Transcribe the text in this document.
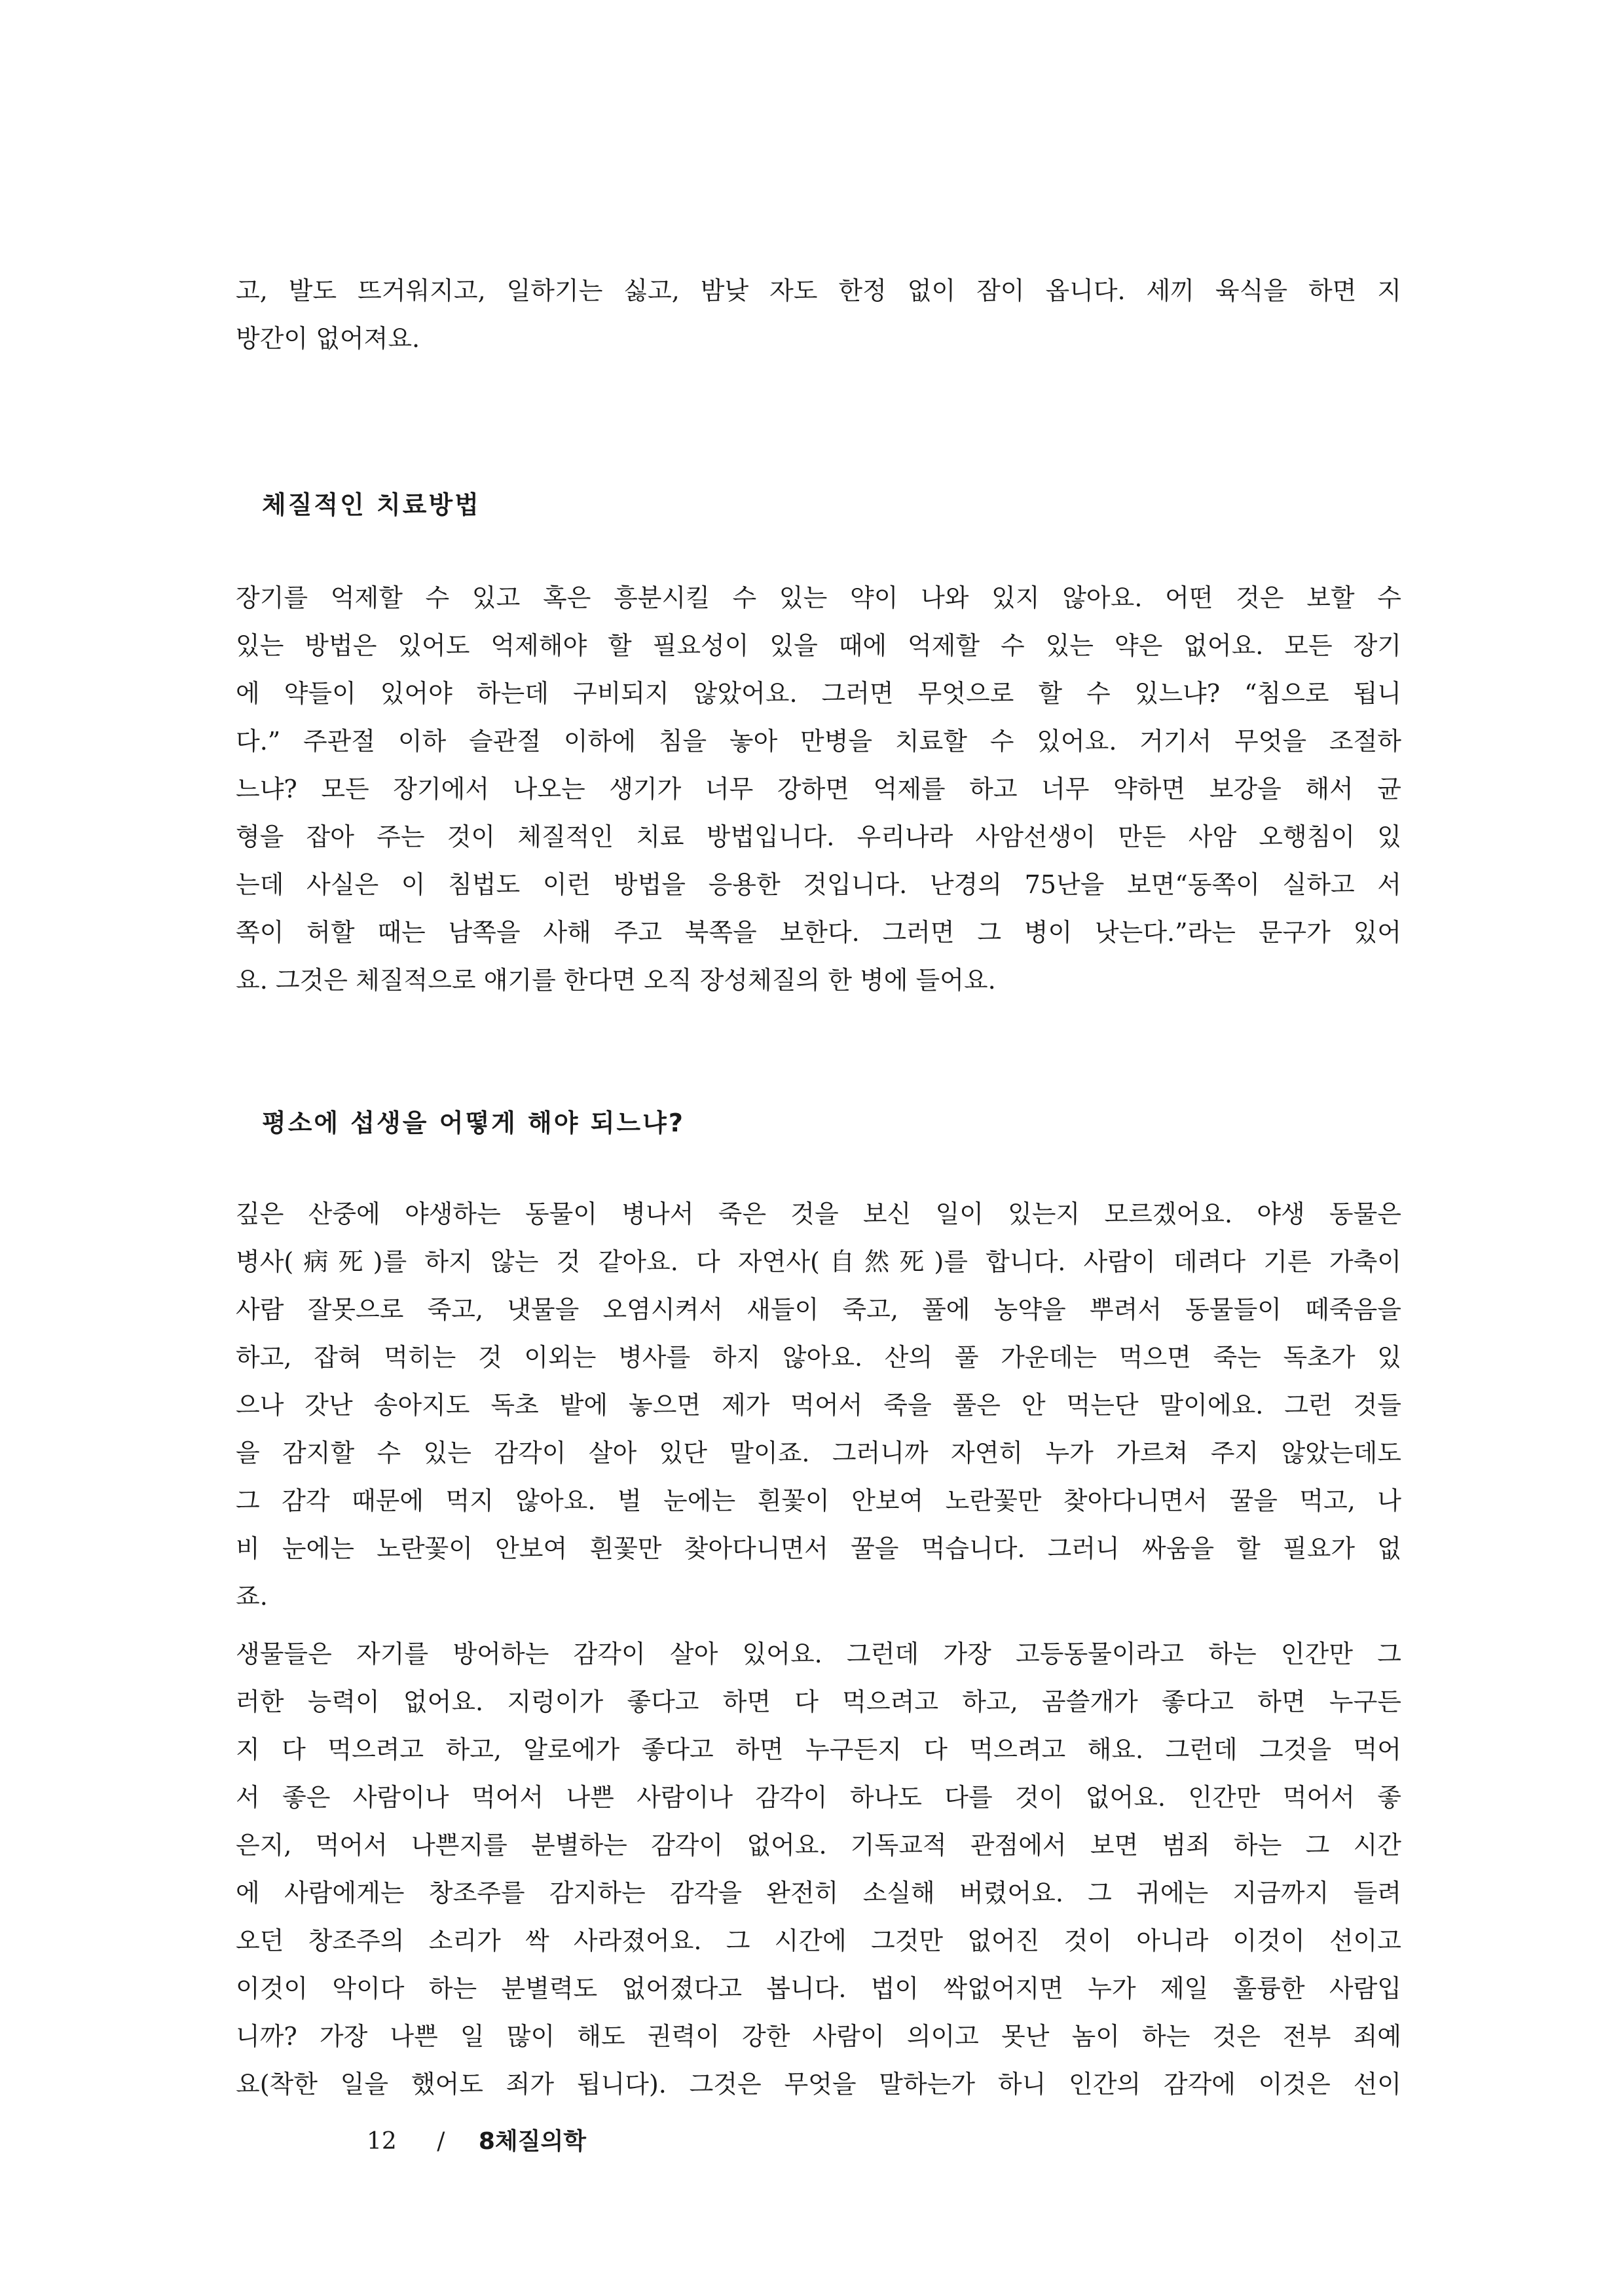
고, 발도 뜨거워지고, 일하기는 싫고, 밤낮 자도 한정 없이 잠이 옵니다. 세끼 육식을 하면 지
방간이 없어져요.

체질적인 치료방법

장기를 억제할 수 있고 혹은 흥분시킬 수 있는 약이 나와 있지 않아요. 어떤 것은 보할 수
있는 방법은 있어도 억제해야 할 필요성이 있을 때에 억제할 수 있는 약은 없어요. 모든 장기
에 약들이 있어야 하는데 구비되지 않았어요. 그러면 무엇으로 할 수 있느냐? “침으로 됩니
다.” 주관절 이하 슬관절 이하에 침을 놓아 만병을 치료할 수 있어요. 거기서 무엇을 조절하
느냐? 모든 장기에서 나오는 생기가 너무 강하면 억제를 하고 너무 약하면 보강을 해서 균
형을 잡아 주는 것이 체질적인 치료 방법입니다. 우리나라 사암선생이 만든 사암 오행침이 있
는데 사실은 이 침법도 이런 방법을 응용한 것입니다. 난경의 75난을 보면“동쪽이 실하고 서
쪽이 허할 때는 남쪽을 사해 주고 북쪽을 보한다. 그러면 그 병이 낫는다.”라는 문구가 있어
요. 그것은 체질적으로 얘기를 한다면 오직 장성체질의 한 병에 들어요.

평소에 섭생을 어떻게 해야 되느냐?

깊은 산중에 야생하는 동물이 병나서 죽은 것을 보신 일이 있는지 모르겠어요. 야생 동물은
병사(病死)를 하지 않는 것 같아요. 다 자연사(自然死)를 합니다. 사람이 데려다 기른 가축이
사람 잘못으로 죽고, 냇물을 오염시켜서 새들이 죽고, 풀에 농약을 뿌려서 동물들이 떼죽음을
하고, 잡혀 먹히는 것 이외는 병사를 하지 않아요. 산의 풀 가운데는 먹으면 죽는 독초가 있
으나 갓난 송아지도 독초 밭에 놓으면 제가 먹어서 죽을 풀은 안 먹는단 말이에요. 그런 것들
을 감지할 수 있는 감각이 살아 있단 말이죠. 그러니까 자연히 누가 가르쳐 주지 않았는데도
그 감각 때문에 먹지 않아요. 벌 눈에는 흰꽃이 안보여 노란꽃만 찾아다니면서 꿀을 먹고, 나
비 눈에는 노란꽃이 안보여 흰꽃만 찾아다니면서 꿀을 먹습니다. 그러니 싸움을 할 필요가 없
죠.

생물들은 자기를 방어하는 감각이 살아 있어요. 그런데 가장 고등동물이라고 하는 인간만 그
러한 능력이 없어요. 지렁이가 좋다고 하면 다 먹으려고 하고, 곰쓸개가 좋다고 하면 누구든
지 다 먹으려고 하고, 알로에가 좋다고 하면 누구든지 다 먹으려고 해요. 그런데 그것을 먹어
서 좋은 사람이나 먹어서 나쁜 사람이나 감각이 하나도 다를 것이 없어요. 인간만 먹어서 좋
은지, 먹어서 나쁜지를 분별하는 감각이 없어요. 기독교적 관점에서 보면 범죄 하는 그 시간
에 사람에게는 창조주를 감지하는 감각을 완전히 소실해 버렸어요. 그 귀에는 지금까지 들려
오던 창조주의 소리가 싹 사라졌어요. 그 시간에 그것만 없어진 것이 아니라 이것이 선이고
이것이 악이다 하는 분별력도 없어졌다고 봅니다. 법이 싹없어지면 누가 제일 훌륭한 사람입
니까? 가장 나쁜 일 많이 해도 권력이 강한 사람이 의이고 못난 놈이 하는 것은 전부 죄예
요(착한 일을 했어도 죄가 됩니다). 그것은 무엇을 말하는가 하니 인간의 감각에 이것은 선이

12 / 8체질의학
